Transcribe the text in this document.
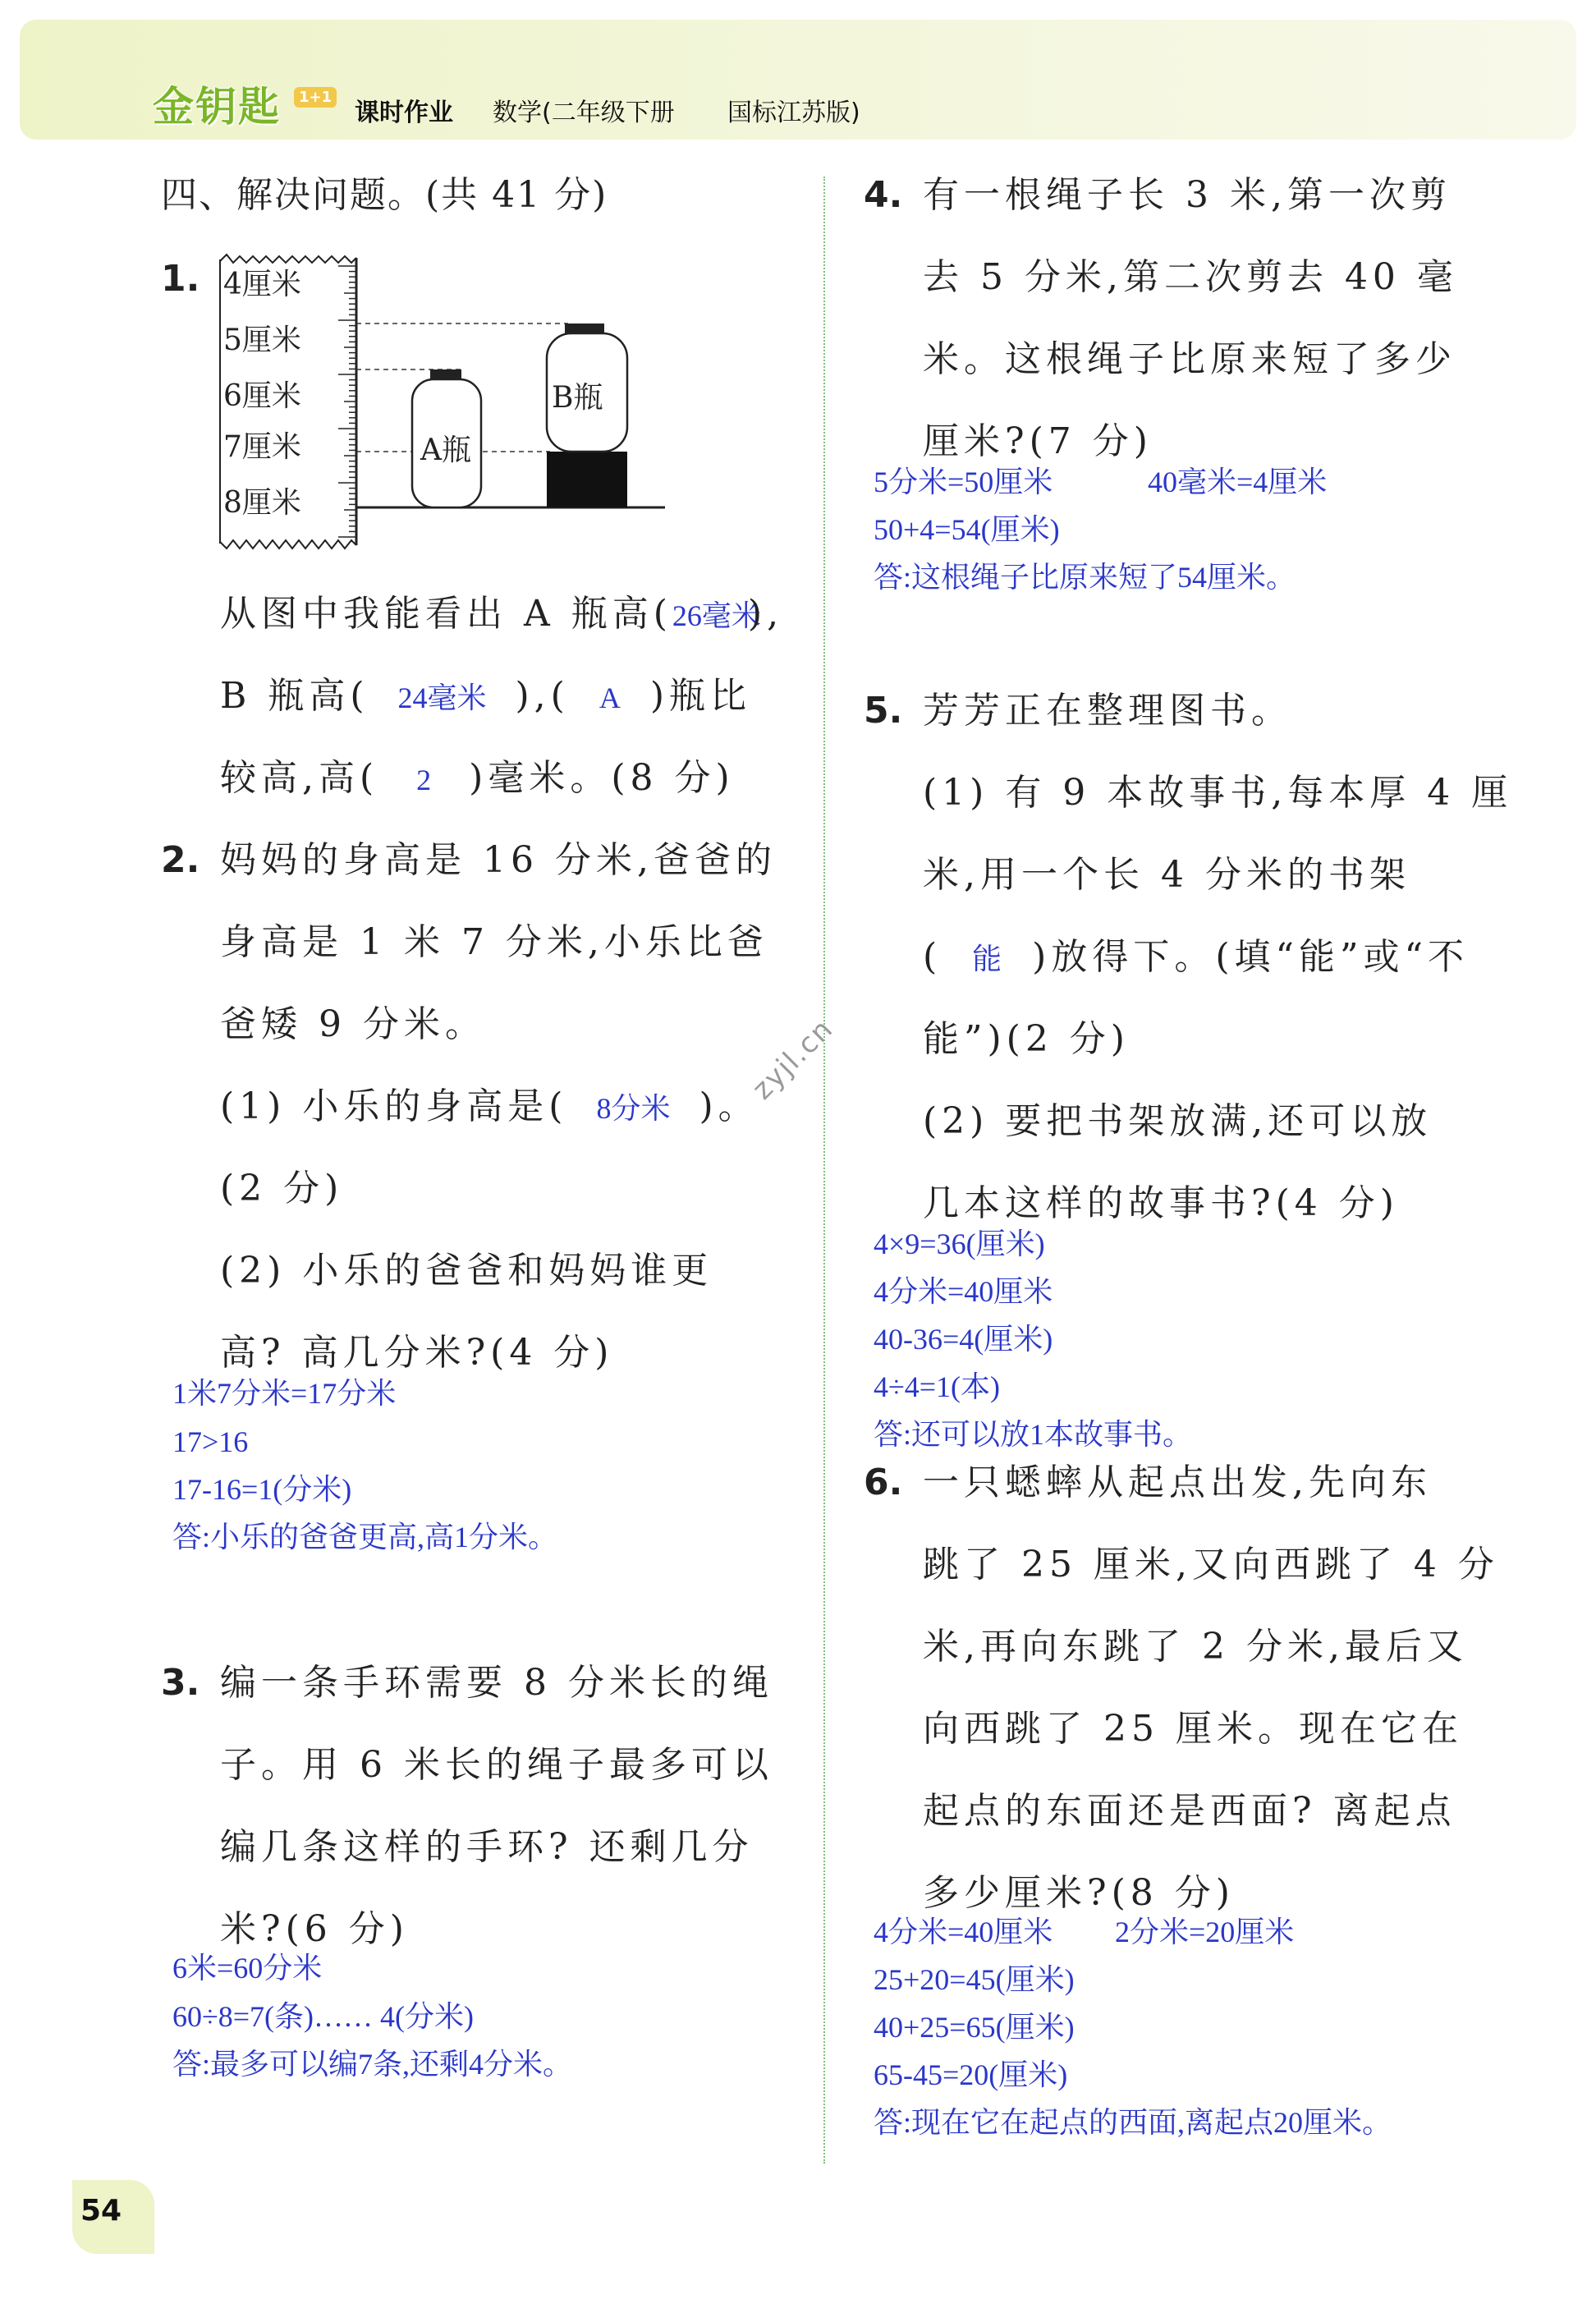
金钥匙	1+1
课时作业 数学(二年级下册 国标江苏版)
四、解决问题。(共 41 分)
1. 4厘米
5厘米
6厘米
7厘米
8厘米
A瓶
B瓶
从图中我能看出 A 瓶高(26毫米),
B 瓶高( 24毫米 ),( A )瓶比
较高,高( 2 )毫米。(8 分)
2. 妈妈的身高是 16 分米,爸爸的
身高是 1 米 7 分米,小乐比爸
爸矮 9 分米。
(1) 小乐的身高是( 8分米 )。
(2 分)
(2) 小乐的爸爸和妈妈谁更
高? 高几分米?(4 分)
1米7分米=17分米
17>16
17-16=1(分米)
答:小乐的爸爸更高,高1分米。
3. 编一条手环需要 8 分米长的绳
子。用 6 米长的绳子最多可以
编几条这样的手环? 还剩几分
米?(6 分)
6米=60分米
60÷8=7(条)…… 4(分米)
答:最多可以编7条,还剩4分米。
4. 有一根绳子长 3 米,第一次剪
去 5 分米,第二次剪去 40 毫
米。这根绳子比原来短了多少
厘米?(7 分)
5分米=50厘米	40毫米=4厘米
50+4=54(厘米)
答:这根绳子比原来短了54厘米。
5. 芳芳正在整理图书。
(1) 有 9 本故事书,每本厚 4 厘
米,用一个长 4 分米的书架
( 能 )放得下。(填“能”或“不
能”)(2 分)
(2) 要把书架放满,还可以放
几本这样的故事书?(4 分)
4×9=36(厘米)
4分米=40厘米
40-36=4(厘米)
4÷4=1(本)
答:还可以放1本故事书。
6. 一只蟋蟀从起点出发,先向东
跳了 25 厘米,又向西跳了 4 分
米,再向东跳了 2 分米,最后又
向西跳了 25 厘米。现在它在
起点的东面还是西面? 离起点
多少厘米?(8 分)
4分米=40厘米 2分米=20厘米
25+20=45(厘米)
40+25=65(厘米)
65-45=20(厘米)
答:现在它在起点的西面,离起点20厘米。
zyjl.cn
54
